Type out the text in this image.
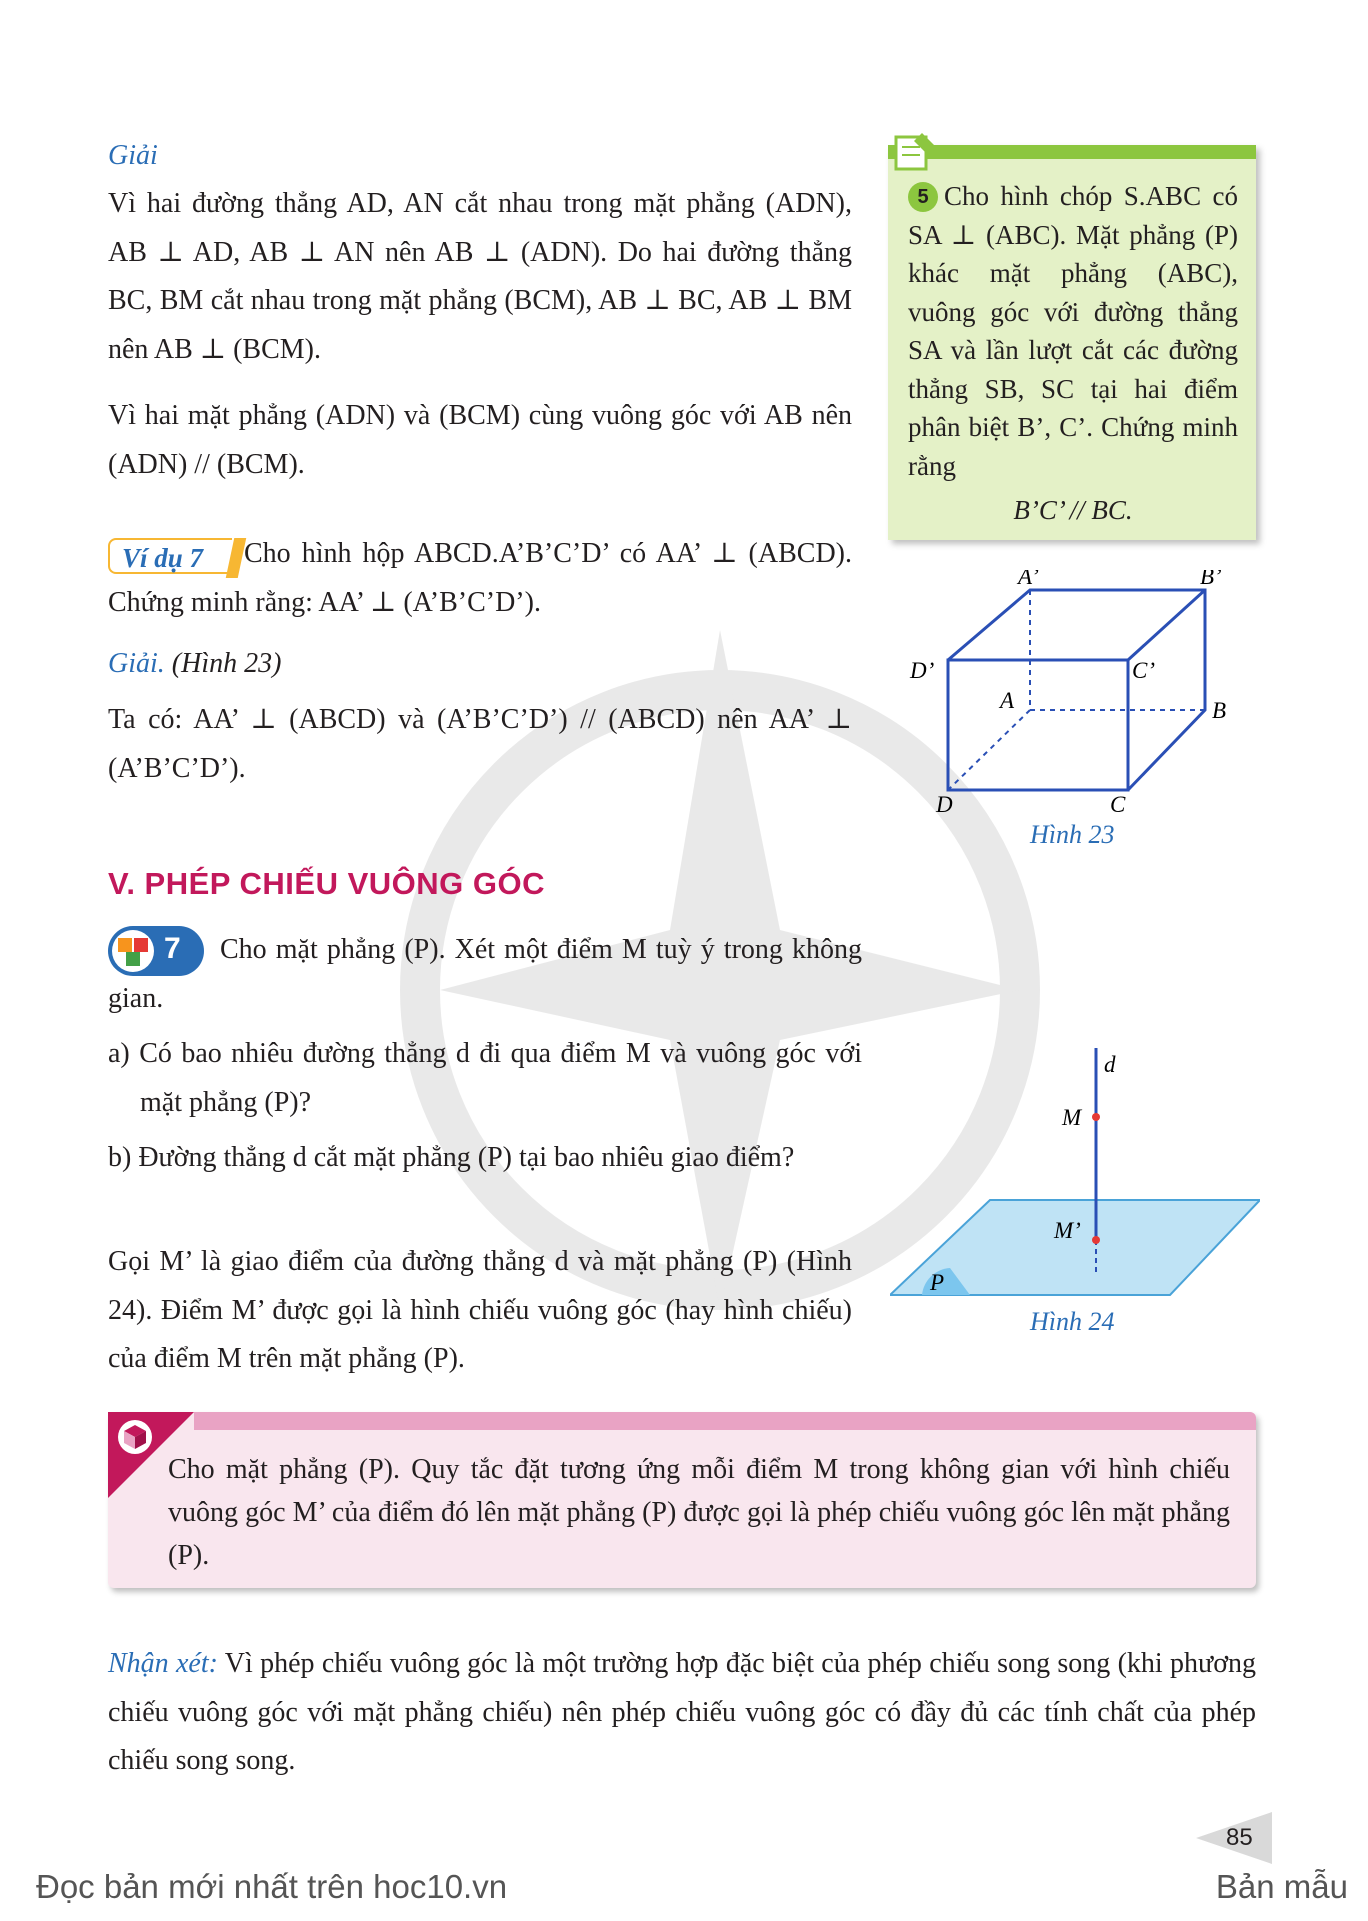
Giải
Vì hai đường thẳng AD, AN cắt nhau trong mặt phẳng (ADN), AB ⊥ AD, AB ⊥ AN nên AB ⊥ (ADN). Do hai đường thẳng BC, BM cắt nhau trong mặt phẳng (BCM), AB ⊥ BC, AB ⊥ BM nên AB ⊥ (BCM).
Vì hai mặt phẳng (ADN) và (BCM) cùng vuông góc với AB nên (ADN) // (BCM).
5 Cho hình chóp S.ABC có SA ⊥ (ABC). Mặt phẳng (P) khác mặt phẳng (ABC), vuông góc với đường thẳng SA và lần lượt cắt các đường thẳng SB, SC tại hai điểm phân biệt B’, C’. Chứng minh rằng
B’C’ // BC.
Ví dụ 7	Cho hình hộp ABCD.A’B’C’D’ có AA’ ⊥ (ABCD). Chứng minh rằng: AA’ ⊥ (A’B’C’D’).
Giải. (Hình 23)
Ta có: AA’ ⊥ (ABCD) và (A’B’C’D’) // (ABCD) nên AA’ ⊥ (A’B’C’D’).
A’	B’
C’
D’
A	B
C
D
Hình 23
V. PHÉP CHIẾU VUÔNG GÓC
7	Cho mặt phẳng (P). Xét một điểm M tuỳ ý trong không gian.
a) Có bao nhiêu đường thẳng d đi qua điểm M và vuông góc với mặt phẳng (P)?
b) Đường thẳng d cắt mặt phẳng (P) tại bao nhiêu giao điểm?
Gọi M’ là giao điểm của đường thẳng d và mặt phẳng (P) (Hình 24). Điểm M’ được gọi là hình chiếu vuông góc (hay hình chiếu) của điểm M trên mặt phẳng (P).
d
M
M’
P
Hình 24
Cho mặt phẳng (P). Quy tắc đặt tương ứng mỗi điểm M trong không gian với hình chiếu vuông góc M’ của điểm đó lên mặt phẳng (P) được gọi là phép chiếu vuông góc lên mặt phẳng (P).
Nhận xét: Vì phép chiếu vuông góc là một trường hợp đặc biệt của phép chiếu song song (khi phương chiếu vuông góc với mặt phẳng chiếu) nên phép chiếu vuông góc có đầy đủ các tính chất của phép chiếu song song.
85
Đọc bản mới nhất trên hoc10.vn	Bản mẫu
